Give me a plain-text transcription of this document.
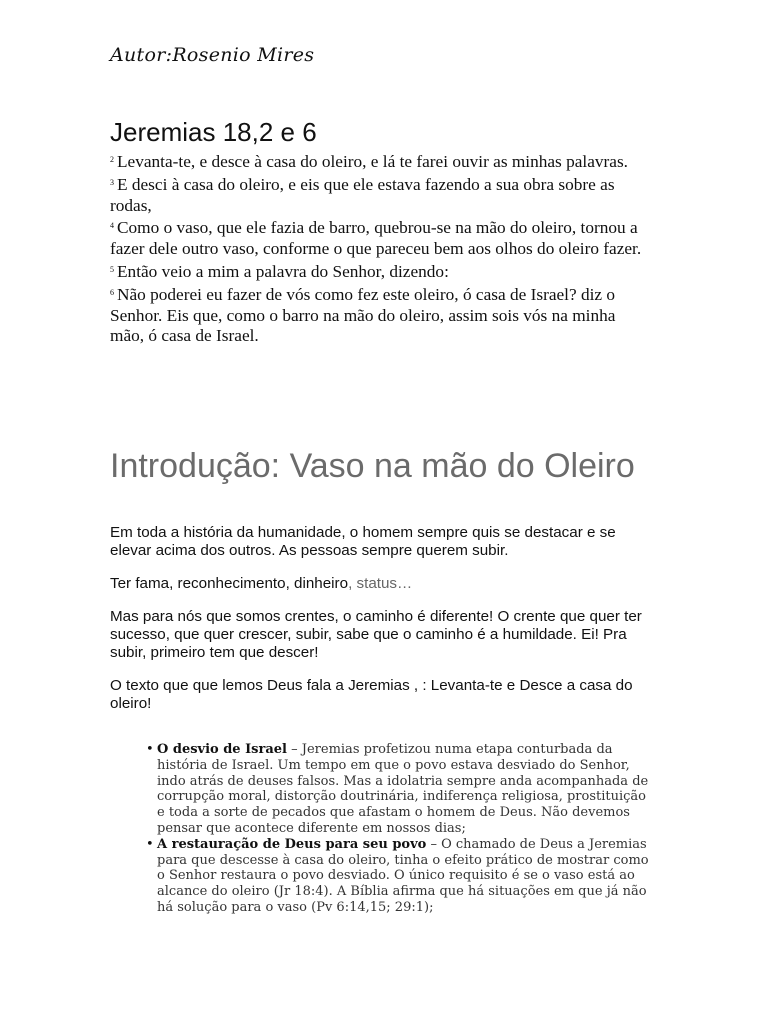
Autor:Rosenio Mires
Jeremias 18,2 e 6

$^2$ Levanta-te, e desce à casa do oleiro, e lá te farei ouvir as minhas palavras.

$^3$ E desci à casa do oleiro, e eis que ele estava fazendo a sua obra sobre as rodas,

$^4$ Como o vaso, que ele fazia de barro, quebrou-se na mão do oleiro, tornou a fazer dele outro vaso, conforme o que pareceu bem aos olhos do oleiro fazer.

$^5$ Então veio a mim a palavra do Senhor, dizendo:

$^6$ Não poderei eu fazer de vós como fez este oleiro, ó casa de Israel? diz o Senhor. Eis que, como o barro na mão do oleiro, assim sois vós na minha mão, ó casa de Israel.

Introdução: Vaso na mão do Oleiro

Em toda a história da humanidade, o homem sempre quis se destacar e se elevar acima dos outros. As pessoas sempre querem subir.

Ter fama, reconhecimento, dinheiro, status…

Mas para nós que somos crentes, o caminho é diferente! O crente que quer ter sucesso, que quer crescer, subir, sabe que o caminho é a humildade. Ei! Pra subir, primeiro tem que descer!

O texto que que lemos Deus fala a Jeremias , : Levanta-te e Desce a casa do oleiro!

• O desvio de Israel – Jeremias profetizou numa etapa conturbada da história de Israel. Um tempo em que o povo estava desviado do Senhor, indo atrás de deuses falsos. Mas a idolatria sempre anda acompanhada de corrupção moral, distorção doutrinária, indiferença religiosa, prostituição e toda a sorte de pecados que afastam o homem de Deus. Não devemos pensar que acontece diferente em nossos dias;
• A restauração de Deus para seu povo – O chamado de Deus a Jeremias para que descesse à casa do oleiro, tinha o efeito prático de mostrar como o Senhor restaura o povo desviado. O único requisito é se o vaso está ao alcance do oleiro (Jr 18:4). A Bíblia afirma que há situações em que já não há solução para o vaso (Pv 6:14,15; 29:1);
